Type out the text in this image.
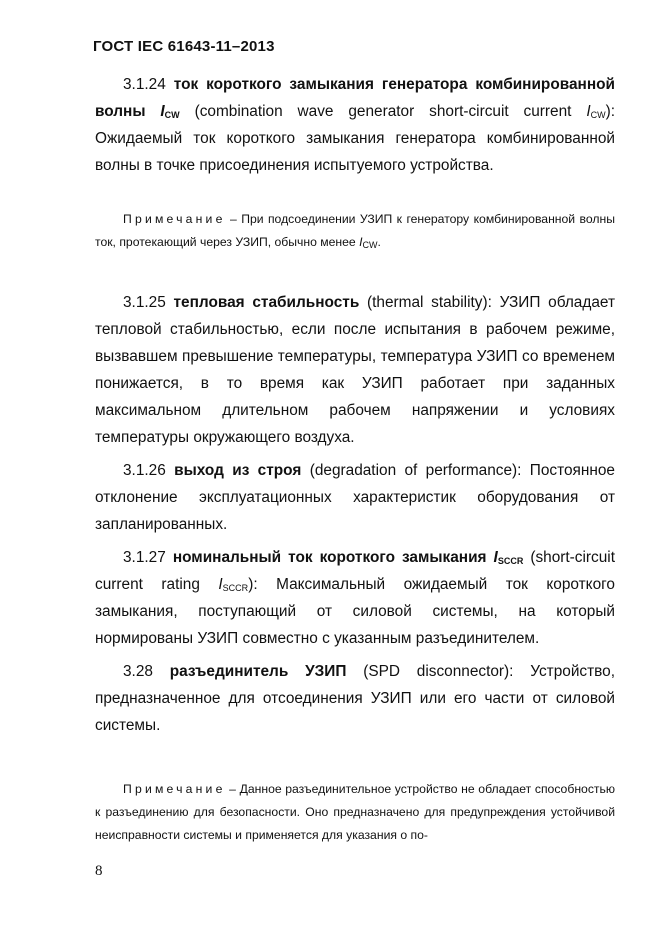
ГОСТ IEC 61643-11–2013

3.1.24 ток короткого замыкания генератора комбинированной волны $I_{CW}$ (combination wave generator short-circuit current $I_{CW}$): Ожидаемый ток короткого замыкания генератора комбинированной волны в точке присоединения испытуемого устройства.

Примечание – При подсоединении УЗИП к генератору комбинированной волны ток, протекающий через УЗИП, обычно менее $I_{CW}$.

3.1.25 тепловая стабильность (thermal stability): УЗИП обладает тепловой стабильностью, если после испытания в рабочем режиме, вызвавшем превышение температуры, температура УЗИП со временем понижается, в то время как УЗИП работает при заданных максимальном длительном рабочем напряжении и условиях температуры окружающего воздуха.

3.1.26 выход из строя (degradation of performance): Постоянное отклонение эксплуатационных характеристик оборудования от запланированных.

3.1.27 номинальный ток короткого замыкания $I_{SCCR}$ (short-circuit current rating $I_{SCCR}$): Максимальный ожидаемый ток короткого замыкания, поступающий от силовой системы, на который нормированы УЗИП совместно с указанным разъединителем.

3.28 разъединитель УЗИП (SPD disconnector): Устройство, предназначенное для отсоединения УЗИП или его части от силовой системы.

Примечание – Данное разъединительное устройство не обладает способностью к разъединению для безопасности. Оно предназначено для предупреждения устойчивой неисправности системы и применяется для указания о по-

8
